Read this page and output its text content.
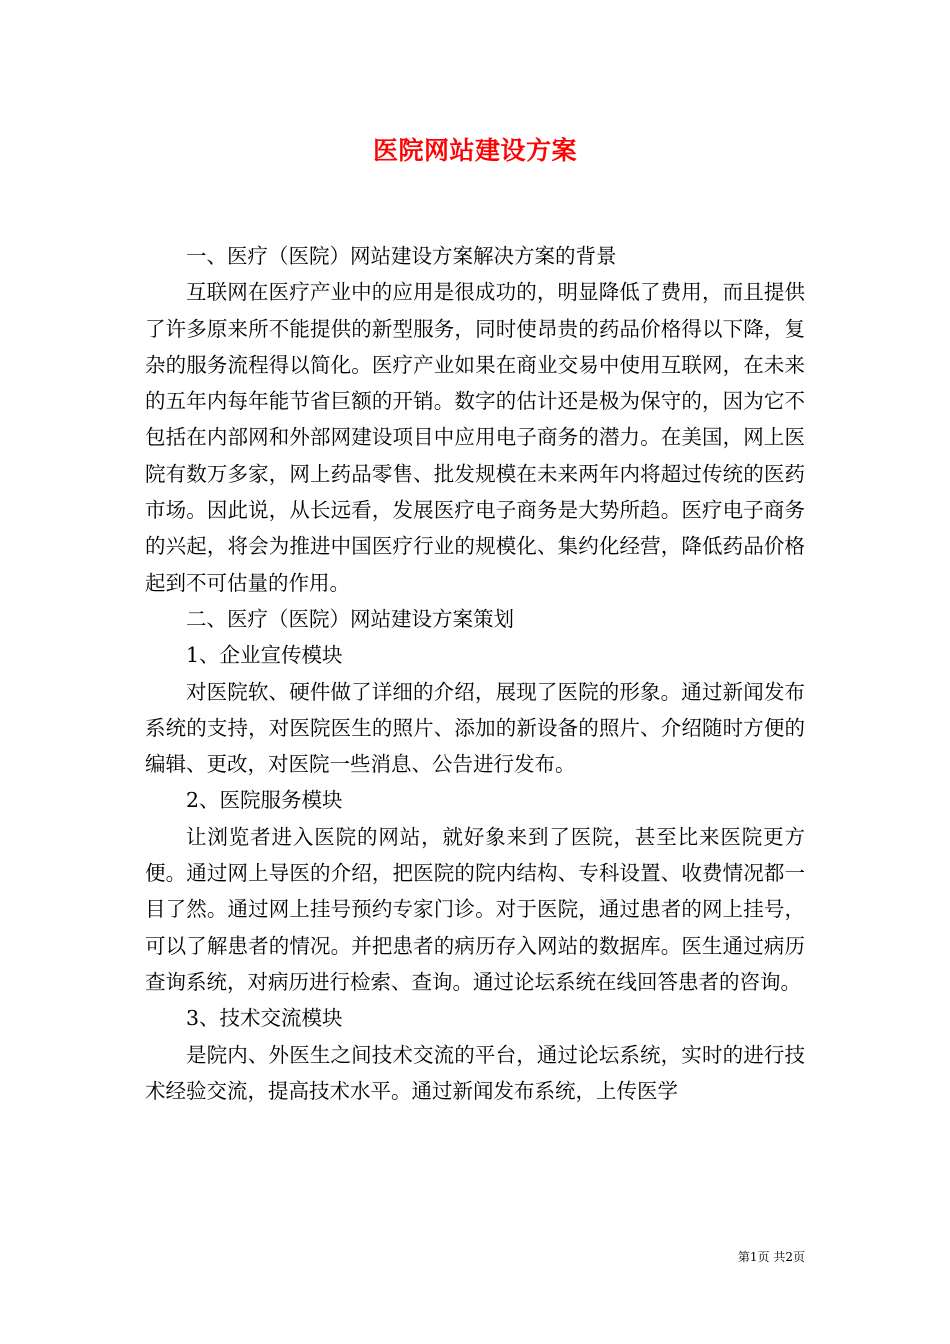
医院网站建设方案

一、医疗（医院）网站建设方案解决方案的背景

互联网在医疗产业中的应用是很成功的，明显降低了费用，而且提供了许多原来所不能提供的新型服务，同时使昂贵的药品价格得以下降，复杂的服务流程得以简化。医疗产业如果在商业交易中使用互联网，在未来的五年内每年能节省巨额的开销。数字的估计还是极为保守的，因为它不包括在内部网和外部网建设项目中应用电子商务的潜力。在美国，网上医院有数万多家，网上药品零售、批发规模在未来两年内将超过传统的医药市场。因此说，从长远看，发展医疗电子商务是大势所趋。医疗电子商务的兴起，将会为推进中国医疗行业的规模化、集约化经营，降低药品价格起到不可估量的作用。

二、医疗（医院）网站建设方案策划

1、企业宣传模块

对医院软、硬件做了详细的介绍，展现了医院的形象。通过新闻发布系统的支持，对医院医生的照片、添加的新设备的照片、介绍随时方便的编辑、更改，对医院一些消息、公告进行发布。

2、医院服务模块

让浏览者进入医院的网站，就好象来到了医院，甚至比来医院更方便。通过网上导医的介绍，把医院的院内结构、专科设置、收费情况都一目了然。通过网上挂号预约专家门诊。对于医院，通过患者的网上挂号，可以了解患者的情况。并把患者的病历存入网站的数据库。医生通过病历查询系统，对病历进行检索、查询。通过论坛系统在线回答患者的咨询。

3、技术交流模块

是院内、外医生之间技术交流的平台，通过论坛系统，实时的进行技术经验交流，提高技术水平。通过新闻发布系统，上传医学

第1页 共2页
